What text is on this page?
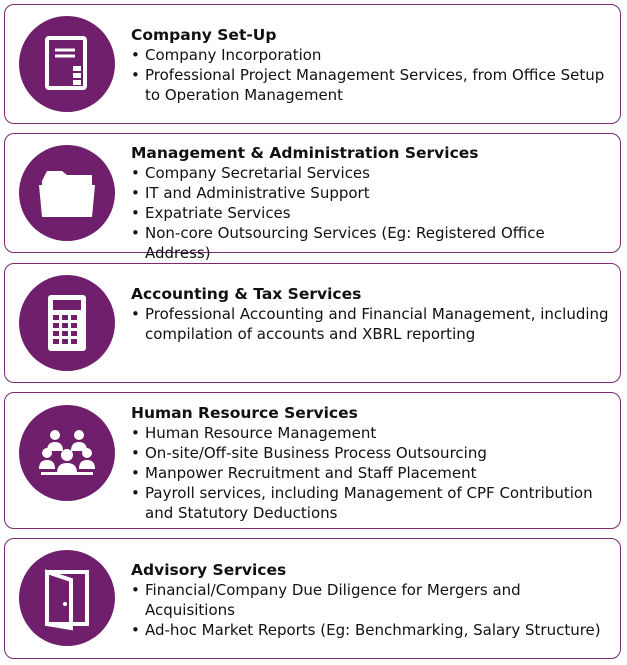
Company Set-Up

• Company Incorporation
• Professional Project Management Services, from Office Setup to Operation Management

Management & Administration Services

• Company Secretarial Services
• IT and Administrative Support
• Expatriate Services
• Non-core Outsourcing Services (Eg: Registered Office Address)

Accounting & Tax Services

• Professional Accounting and Financial Management, including compilation of accounts and XBRL reporting

Human Resource Services

• Human Resource Management
• On-site/Off-site Business Process Outsourcing
• Manpower Recruitment and Staff Placement
• Payroll services, including Management of CPF Contribution and Statutory Deductions

Advisory Services

• Financial/Company Due Diligence for Mergers and Acquisitions
• Ad-hoc Market Reports (Eg: Benchmarking, Salary Structure)
